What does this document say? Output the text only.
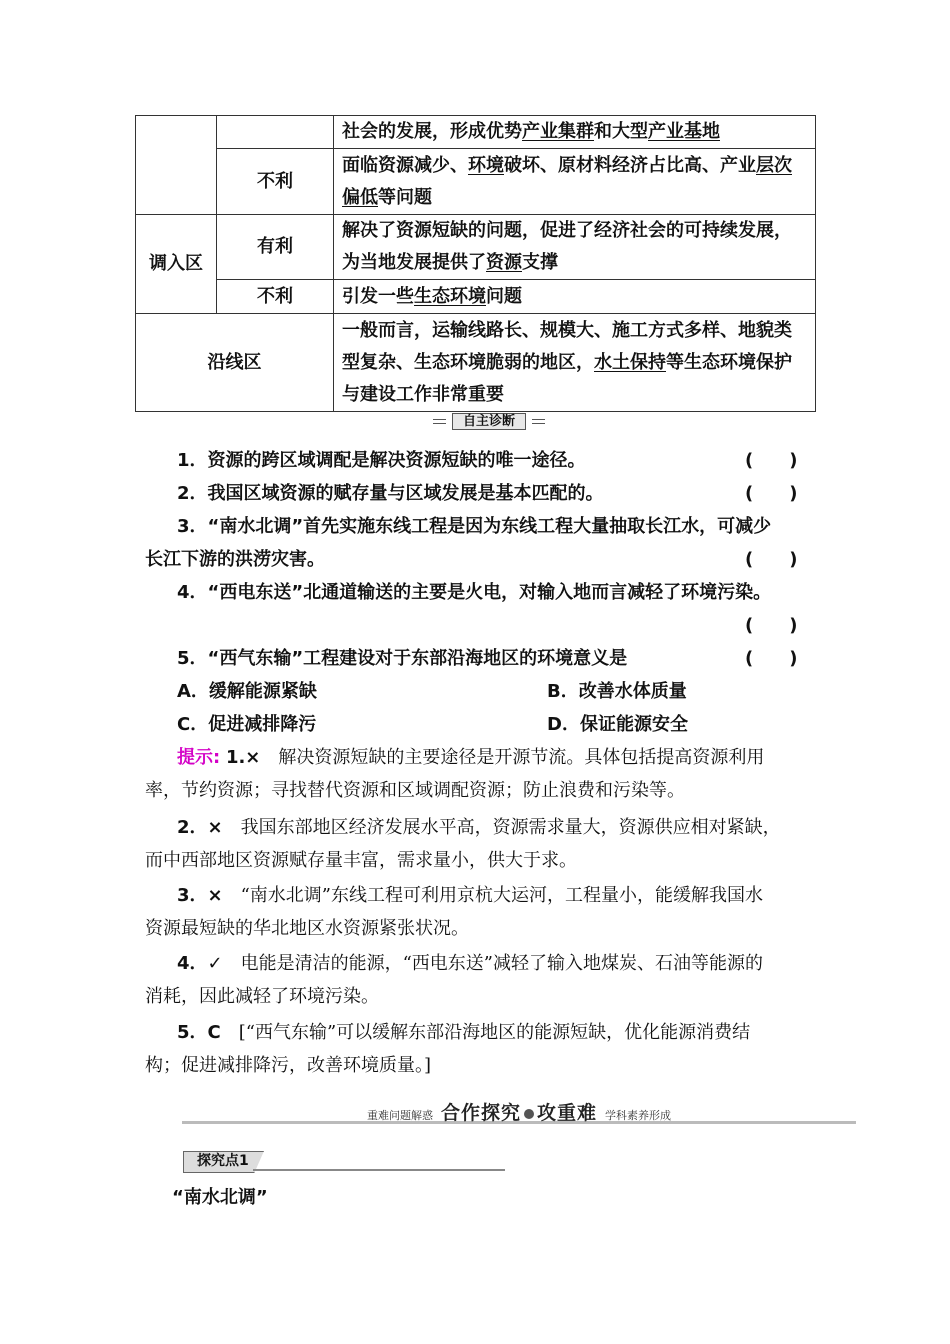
		社会的发展，形成优势产业集群和大型产业基地
	不利	面临资源减少、环境破坏、原材料经济占比高、产业层次偏低等问题
调入区	有利	解决了资源短缺的问题，促进了经济社会的可持续发展，为当地发展提供了资源支撑
	不利	引发一些生态环境问题
沿线区		一般而言，运输线路长、规模大、施工方式多样、地貌类型复杂、生态环境脆弱的地区，水土保持等生态环境保护与建设工作非常重要
自主诊断
1．资源的跨区域调配是解决资源短缺的唯一途径。	(　　)
2．我国区域资源的赋存量与区域发展是基本匹配的。	(　　)
3．“南水北调”首先实施东线工程是因为东线工程大量抽取长江水，可减少
长江下游的洪涝灾害。	(　　)
4．“西电东送”北通道输送的主要是火电，对输入地而言减轻了环境污染。
(　　)
5．“西气东输”工程建设对于东部沿海地区的环境意义是	(　　)
A．缓解能源紧缺	B．改善水体质量
C．促进减排降污	D．保证能源安全
提示: 1.×　 解决资源短缺的主要途径是开源节流。具体包括提高资源利用
率，节约资源；寻找替代资源和区域调配资源；防止浪费和污染等。
2．×　 我国东部地区经济发展水平高，资源需求量大，资源供应相对紧缺，
而中西部地区资源赋存量丰富，需求量小，供大于求。
3．×　 “南水北调”东线工程可利用京杭大运河，工程量小，能缓解我国水
资源最短缺的华北地区水资源紧张状况。
4．✓　 电能是清洁的能源，“西电东送”减轻了输入地煤炭、石油等能源的
消耗，因此减轻了环境污染。
5．C　 [“西气东输”可以缓解东部沿海地区的能源短缺，优化能源消费结
构；促进减排降污，改善环境质量。]
重难问题解惑 合作探究 攻重难 学科素养形成
探究点1
“南水北调”
